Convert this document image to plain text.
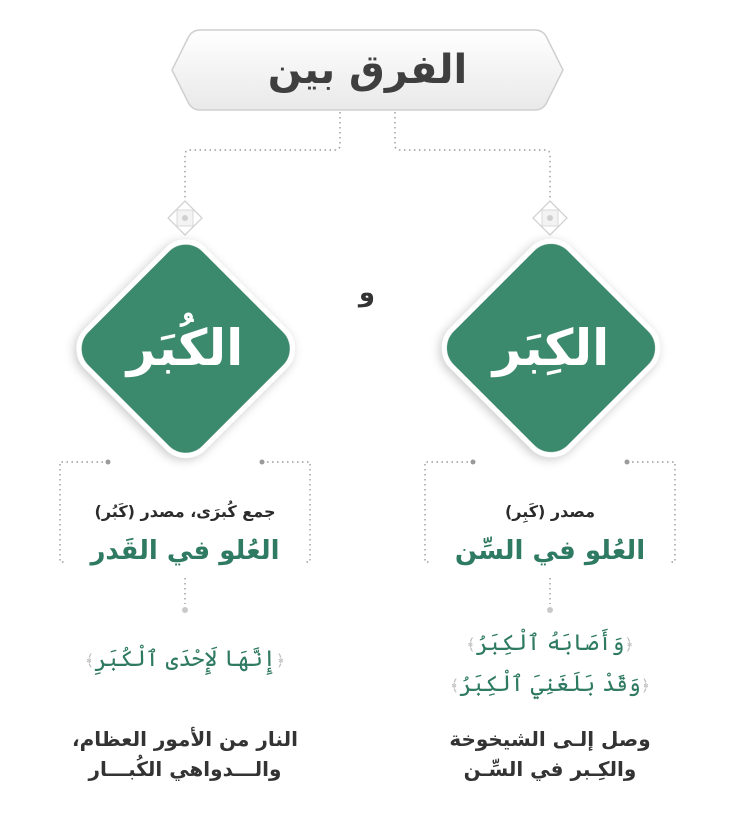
الفرق بين
الكُبَر	الكِبَر
و
جمع كُبرَى، مصدر (كَبُر)
العُلو في القَدر
﴿إِنَّهَا لَإِحْدَى ٱلْكُبَرِ﴾
النار من الأمور العظام،
والـــدواهي الكُبـــار
مصدر (كَبِر)
العُلو في السِّن
﴿وَأَصَابَهُ ٱلْكِبَرُ﴾
﴿وَقَدْ بَلَغَنِيَ ٱلْكِبَرُ﴾
وصل إلـى الشيخوخة
والكِـبر في السِّـن
